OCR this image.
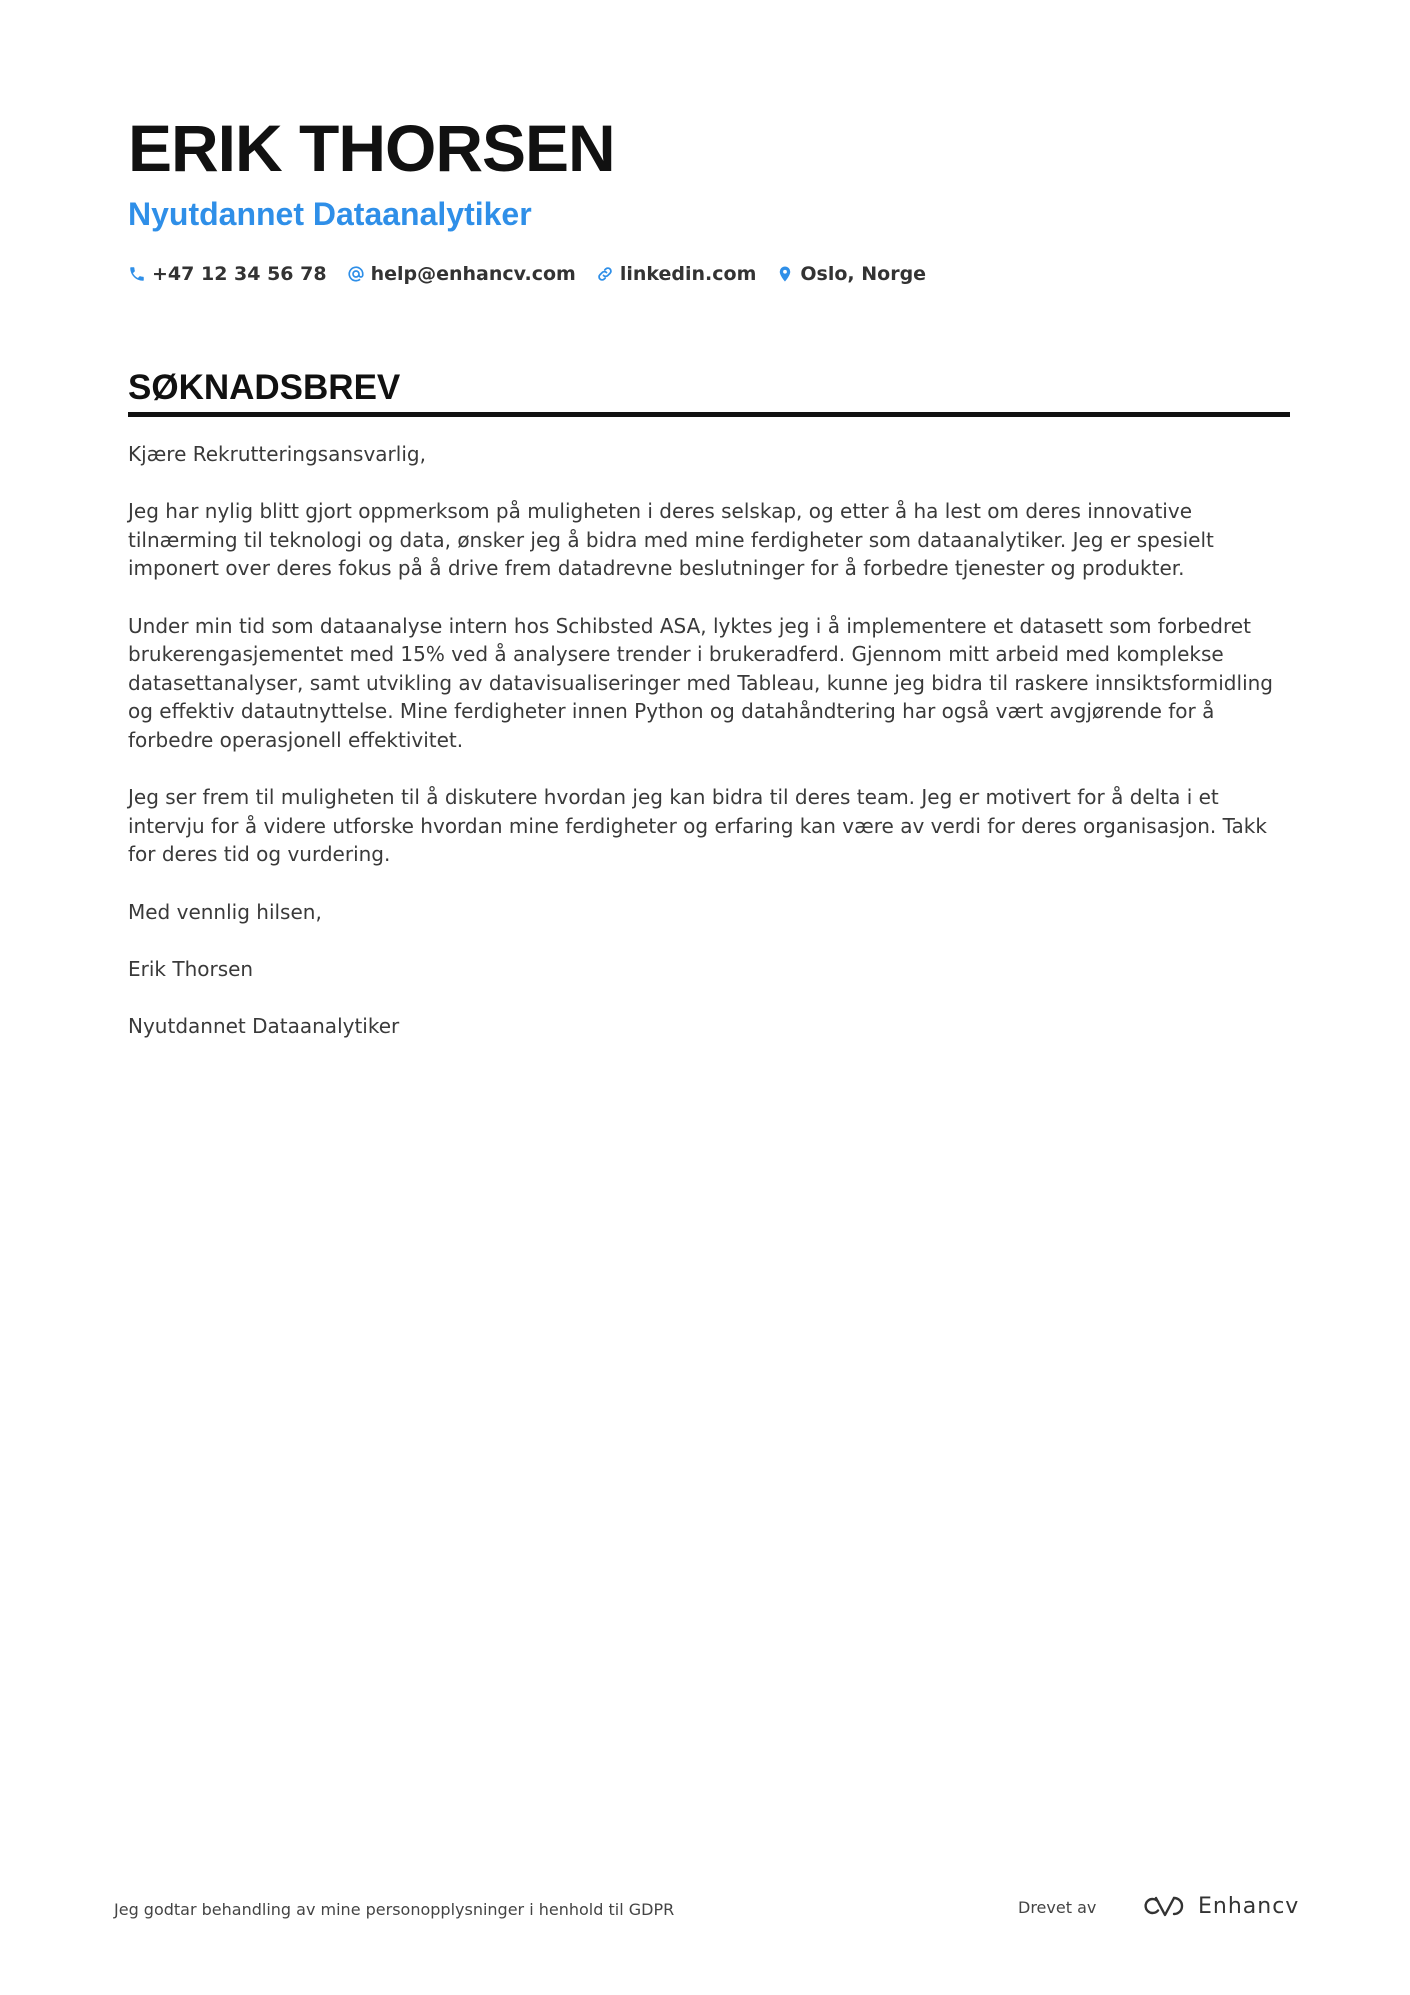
ERIK THORSEN
Nyutdannet Dataanalytiker
+47 12 34 56 78 help@enhancv.com linkedin.com Oslo, Norge
SØKNADSBREV

Kjære Rekrutteringsansvarlig,

Jeg har nylig blitt gjort oppmerksom på muligheten i deres selskap, og etter å ha lest om deres innovative tilnærming til teknologi og data, ønsker jeg å bidra med mine ferdigheter som dataanalytiker. Jeg er spesielt imponert over deres fokus på å drive frem datadrevne beslutninger for å forbedre tjenester og produkter.

Under min tid som dataanalyse intern hos Schibsted ASA, lyktes jeg i å implementere et datasett som forbedret brukerengasjementet med 15% ved å analysere trender i brukeradferd. Gjennom mitt arbeid med komplekse datasettanalyser, samt utvikling av datavisualiseringer med Tableau, kunne jeg bidra til raskere innsiktsformidling og effektiv datautnyttelse. Mine ferdigheter innen Python og datahåndtering har også vært avgjørende for å forbedre operasjonell effektivitet.

Jeg ser frem til muligheten til å diskutere hvordan jeg kan bidra til deres team. Jeg er motivert for å delta i et intervju for å videre utforske hvordan mine ferdigheter og erfaring kan være av verdi for deres organisasjon. Takk for deres tid og vurdering.

Med vennlig hilsen,

Erik Thorsen

Nyutdannet Dataanalytiker

Jeg godtar behandling av mine personopplysninger i henhold til GDPR	Drevet av	Enhancv
